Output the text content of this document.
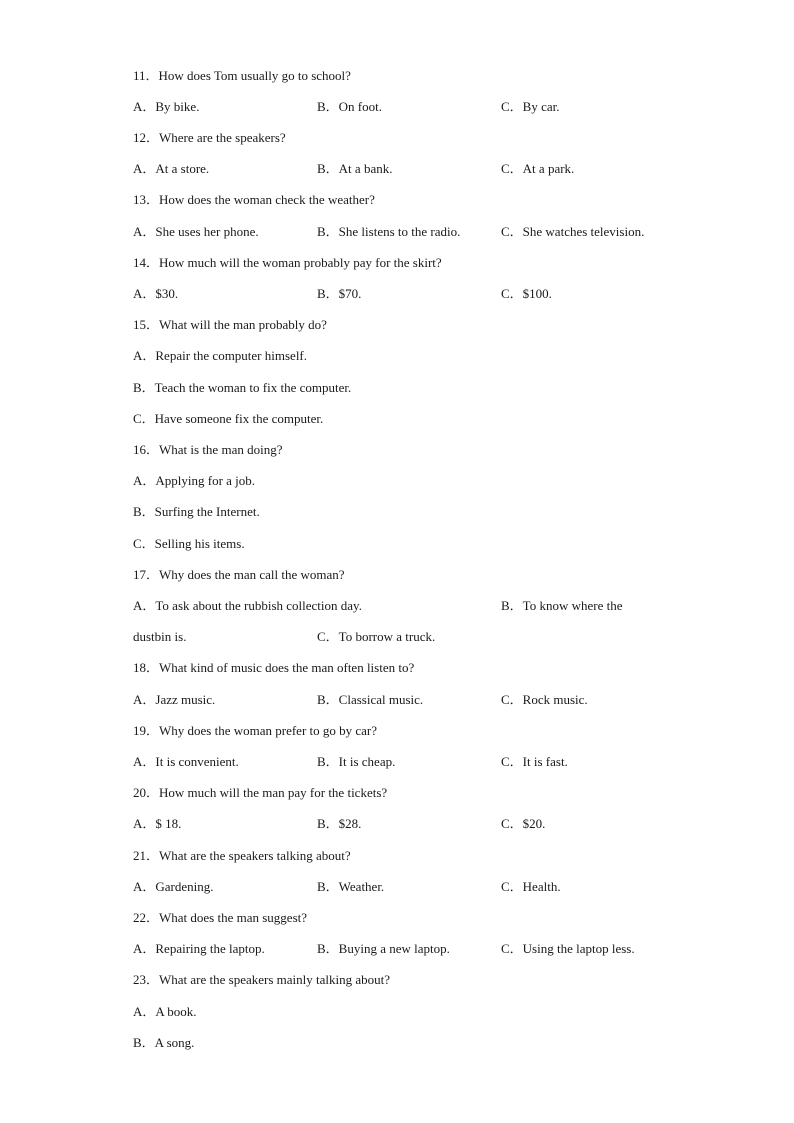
11．How does Tom usually go to school?
A．By bike.	B．On foot.	C．By car.
12．Where are the speakers?
A．At a store.	B．At a bank.	C．At a park.
13．How does the woman check the weather?
A．She uses her phone.	B．She listens to the radio.	C．She watches television.
14．How much will the woman probably pay for the skirt?
A．$30.	B．$70.	C．$100.
15．What will the man probably do?
A．Repair the computer himself.
B．Teach the woman to fix the computer.
C．Have someone fix the computer.
16．What is the man doing?
A．Applying for a job.
B．Surfing the Internet.
C．Selling his items.
17．Why does the man call the woman?
A．To ask about the rubbish collection day.	B．To know where the
dustbin is.	C．To borrow a truck.
18．What kind of music does the man often listen to?
A．Jazz music.	B．Classical music.	C．Rock music.
19．Why does the woman prefer to go by car?
A．It is convenient.	B．It is cheap.	C．It is fast.
20．How much will the man pay for the tickets?
A．$ 18.	B．$28.	C．$20.
21．What are the speakers talking about?
A．Gardening.	B．Weather.	C．Health.
22．What does the man suggest?
A．Repairing the laptop.	B．Buying a new laptop.	C．Using the laptop less.
23．What are the speakers mainly talking about?
A．A book.
B．A song.
